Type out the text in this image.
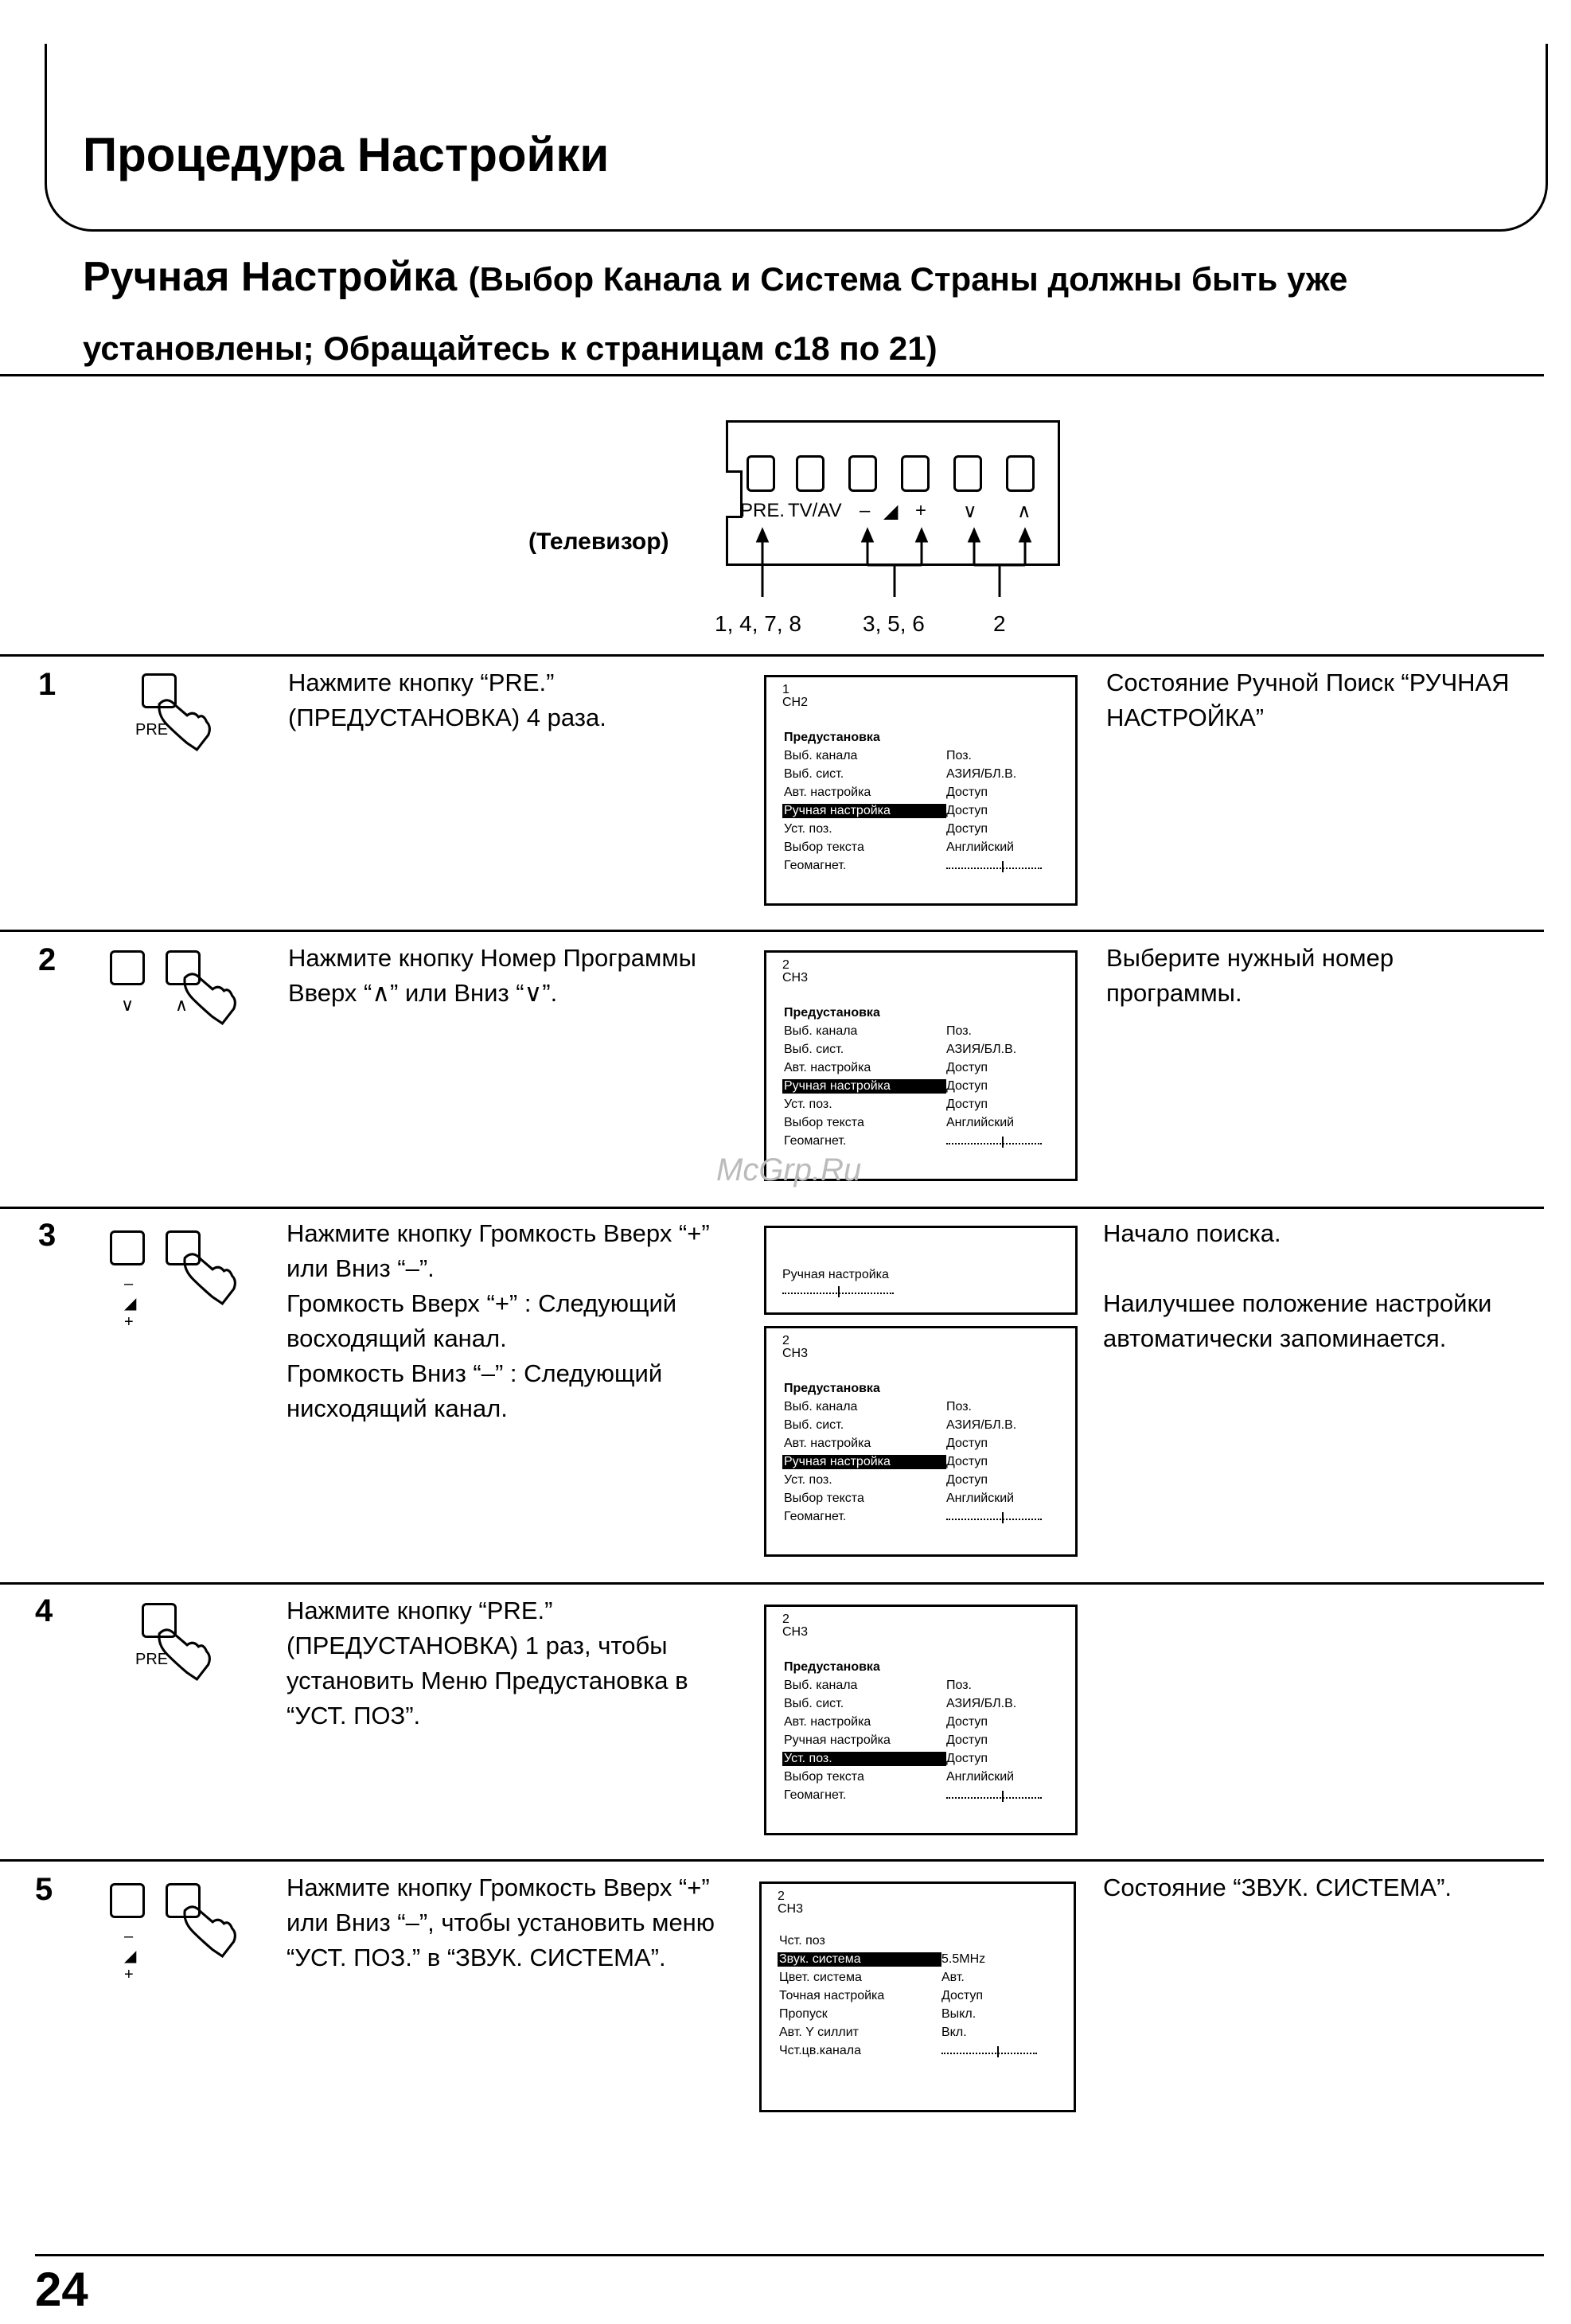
Процедура Настройки
Ручная Настройка (Выбор Канала и Система Страны должны быть уже установлены; Обращайтесь к страницам с18 по 21)
(Телевизор)
PRE. TV/AV – ◢ + ∨ ∧
1, 4, 7, 8	3, 5, 6	2
1
PRE
Нажмите кнопку “PRE.” (ПРЕДУСТАНОВКА) 4 раза.
1
CH2
Предустановка
Выб. канала	Поз.
Выб. сист.	АЗИЯ/БЛ.В.
Авт. настройка	Доступ
Ручная настройка	Доступ
Уст. поз.	Доступ
Выбор текста	Английский
Геомагнет.
Состояние Ручной Поиск “РУЧНАЯ НАСТРОЙКА”
2
∨ ∧
Нажмите кнопку Номер Программы Вверх “∧” или Вниз “∨”.
2
CH3
Предустановка
Выб. канала	Поз.
Выб. сист.	АЗИЯ/БЛ.В.
Авт. настройка	Доступ
Ручная настройка	Доступ
Уст. поз.	Доступ
Выбор текста	Английский
Геомагнет.
Выберите нужный номер программы.
McGrp.Ru
3
– ◢ +
Нажмите кнопку Громкость Вверх “+” или Вниз “–”.
Громкость Вверх “+” : Следующий восходящий канал.
Громкость Вниз “–” : Следующий нисходящий канал.
Ручная настройка
2
CH3
Предустановка
Выб. канала	Поз.
Выб. сист.	АЗИЯ/БЛ.В.
Авт. настройка	Доступ
Ручная настройка	Доступ
Уст. поз.	Доступ
Выбор текста	Английский
Геомагнет.
Начало поиска.
Наилучшее положение настройки автоматически запоминается.
4
PRE
Нажмите кнопку “PRE.” (ПРЕДУСТАНОВКА) 1 раз, чтобы установить Меню Предустановка в “УСТ. ПОЗ”.
2
CH3
Предустановка
Выб. канала	Поз.
Выб. сист.	АЗИЯ/БЛ.В.
Авт. настройка	Доступ
Ручная настройка	Доступ
Уст. поз.	Доступ
Выбор текста	Английский
Геомагнет.
5
– ◢ +
Нажмите кнопку Громкость Вверх “+” или Вниз “–”, чтобы установить меню “УСТ. ПОЗ.” в “ЗВУК. СИСТЕМА”.
2
CH3
Чст. поз
Звук. система	5.5MHz
Цвет. система	Авт.
Точная настройка	Доступ
Пропуск	Выкл.
Авт. Y силлит	Вкл.
Чст.цв.канала
Состояние “ЗВУК. СИСТЕМА”.
24
